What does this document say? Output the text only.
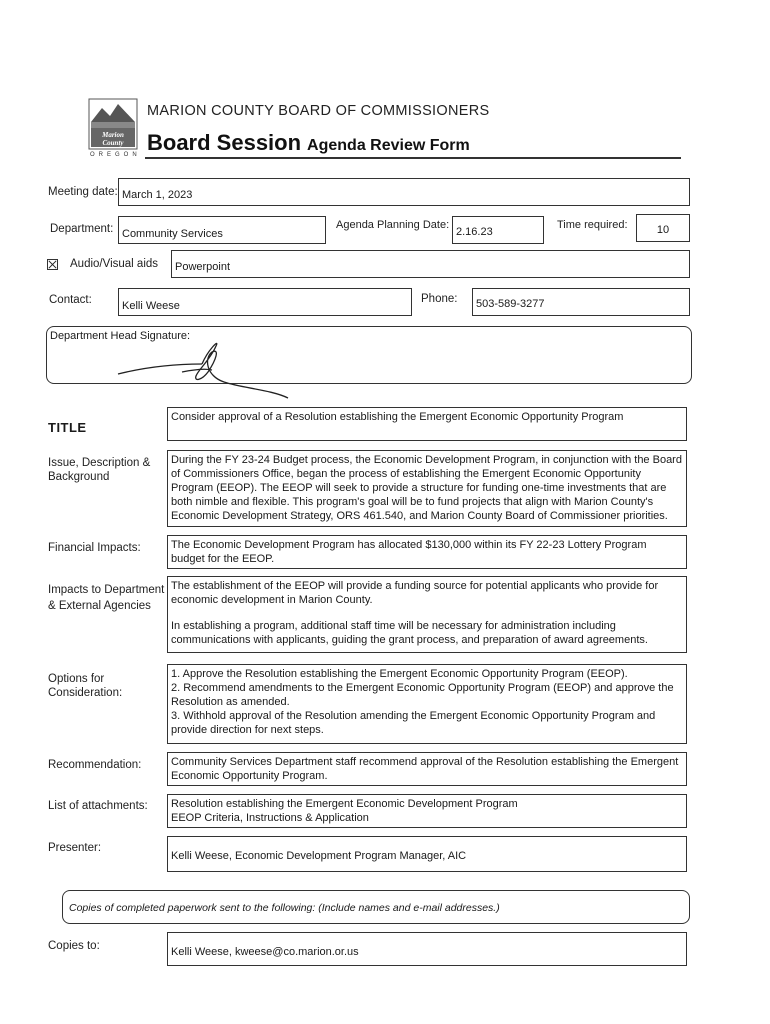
Marion
County
OREGON
MARION COUNTY BOARD OF COMMISSIONERS
Board Session Agenda Review Form
Meeting date: March 1, 2023
Department: Community Services
Agenda Planning Date:
2.16.23
Time required:	10
Audio/Visual aids	Powerpoint
Contact:	Kelli Weese
Phone:	503-589-3277
Department Head Signature:
TITLE
Consider approval of a Resolution establishing the Emergent Economic Opportunity Program
Issue, Description & Background
During the FY 23-24 Budget process, the Economic Development Program, in conjunction with the Board of Commissioners Office, began the process of establishing the Emergent Economic Opportunity Program (EEOP). The EEOP will seek to provide a structure for funding one-time investments that are both nimble and flexible. This program's goal will be to fund projects that align with Marion County's Economic Development Strategy, ORS 461.540, and Marion County Board of Commissioner priorities.
Financial Impacts:	The Economic Development Program has allocated $130,000 within its FY 22-23 Lottery Program budget for the EEOP.
Impacts to Department & External Agencies
The establishment of the EEOP will provide a funding source for potential applicants who provide for economic development in Marion County.
In establishing a program, additional staff time will be necessary for administration including communications with applicants, guiding the grant process, and preparation of award agreements.
Options for Consideration:
1. Approve the Resolution establishing the Emergent Economic Opportunity Program (EEOP).
2. Recommend amendments to the Emergent Economic Opportunity Program (EEOP) and approve the Resolution as amended.
3. Withhold approval of the Resolution amending the Emergent Economic Opportunity Program and provide direction for next steps.
Recommendation:	Community Services Department staff recommend approval of the Resolution establishing the Emergent Economic Opportunity Program.
List of attachments: Resolution establishing the Emergent Economic Development Program
EEOP Criteria, Instructions & Application
Presenter:
Kelli Weese, Economic Development Program Manager, AIC
Copies of completed paperwork sent to the following: (Include names and e-mail addresses.)
Copies to:	Kelli Weese, kweese@co.marion.or.us
